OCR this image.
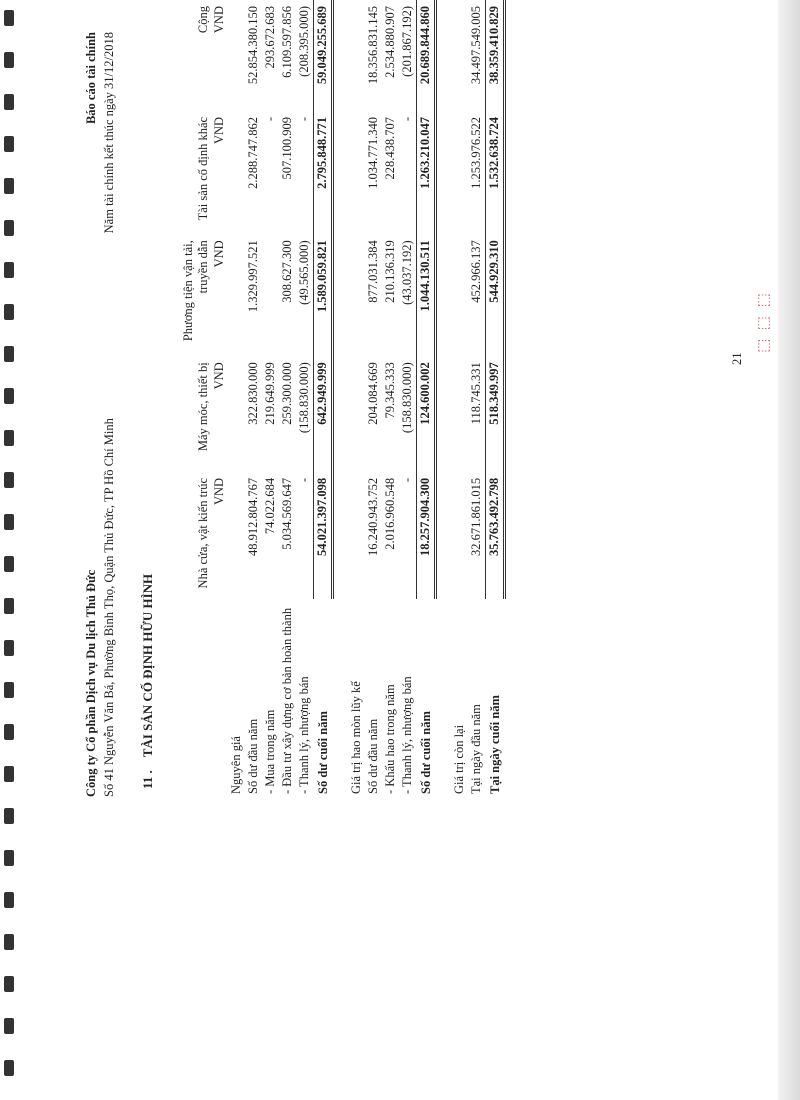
⬚ ⬚ ⬚
Công ty Cổ phần Dịch vụ Du lịch Thủ Đức Số 41 Nguyễn Văn Bá, Phường Bình Thọ, Quận Thủ Đức, TP Hồ Chí Minh
Báo cáo tài chính Năm tài chính kết thúc ngày 31/12/2018
11 . TÀI SẢN CỐ ĐỊNH HỮU HÌNH
	Nhà cửa, vật kiến trúc	Máy móc, thiết bị	Phương tiện vận tải, truyền dẫn	Tài sản cố định khác	Cộng
	VND	VND	VND	VND	VND
Nguyên giá					
Số dư đầu năm	48.912.804.767	322.830.000	1.329.997.521	2.288.747.862	52.854.380.150
- Mua trong năm	74.022.684	219.649.999		-	293.672.683
- Đầu tư xây dựng cơ bản hoàn thành	5.034.569.647	259.300.000	308.627.300	507.100.909	6.109.597.856
- Thanh lý, nhượng bán	-	(158.830.000)	(49.565.000)	-	(208.395.000)
Số dư cuối năm	54.021.397.098	642.949.999	1.589.059.821	2.795.848.771	59.049.255.689

Giá trị hao mòn lũy kế					
Số dư đầu năm	16.240.943.752	204.084.669	877.031.384	1.034.771.340	18.356.831.145
- Khấu hao trong năm	2.016.960.548	79.345.333	210.136.319	228.438.707	2.534.880.907
- Thanh lý, nhượng bán	-	(158.830.000)	(43.037.192)	-	(201.867.192)
Số dư cuối năm	18.257.904.300	124.600.002	1.044.130.511	1.263.210.047	20.689.844.860

Giá trị còn lại					
Tại ngày đầu năm	32.671.861.015	118.745.331	452.966.137	1.253.976.522	34.497.549.005
Tại ngày cuối năm	35.763.492.798	518.349.997	544.929.310	1.532.638.724	38.359.410.829
21
